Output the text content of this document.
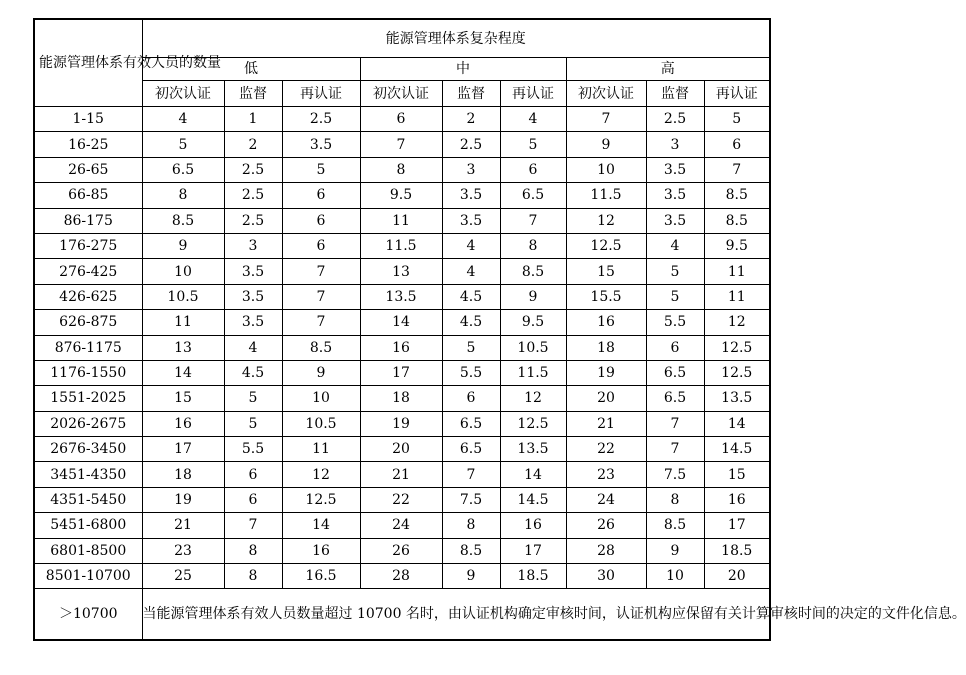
能源管理体系有效人员的数量	能源管理体系复杂程度								
	低			中			高		
	初次认证	监督	再认证	初次认证	监督	再认证	初次认证	监督	再认证
1-15	4	1	2.5	6	2	4	7	2.5	5
16-25	5	2	3.5	7	2.5	5	9	3	6
26-65	6.5	2.5	5	8	3	6	10	3.5	7
66-85	8	2.5	6	9.5	3.5	6.5	11.5	3.5	8.5
86-175	8.5	2.5	6	11	3.5	7	12	3.5	8.5
176-275	9	3	6	11.5	4	8	12.5	4	9.5
276-425	10	3.5	7	13	4	8.5	15	5	11
426-625	10.5	3.5	7	13.5	4.5	9	15.5	5	11
626-875	11	3.5	7	14	4.5	9.5	16	5.5	12
876-1175	13	4	8.5	16	5	10.5	18	6	12.5
1176-1550	14	4.5	9	17	5.5	11.5	19	6.5	12.5
1551-2025	15	5	10	18	6	12	20	6.5	13.5
2026-2675	16	5	10.5	19	6.5	12.5	21	7	14
2676-3450	17	5.5	11	20	6.5	13.5	22	7	14.5
3451-4350	18	6	12	21	7	14	23	7.5	15
4351-5450	19	6	12.5	22	7.5	14.5	24	8	16
5451-6800	21	7	14	24	8	16	26	8.5	17
6801-8500	23	8	16	26	8.5	17	28	9	18.5
8501-10700	25	8	16.5	28	9	18.5	30	10	20
＞10700	当能源管理体系有效人员数量超过 10700 名时，由认证机构确定审核时间，认证机构应保留有关计算审核时间的决定的文件化信息。								
